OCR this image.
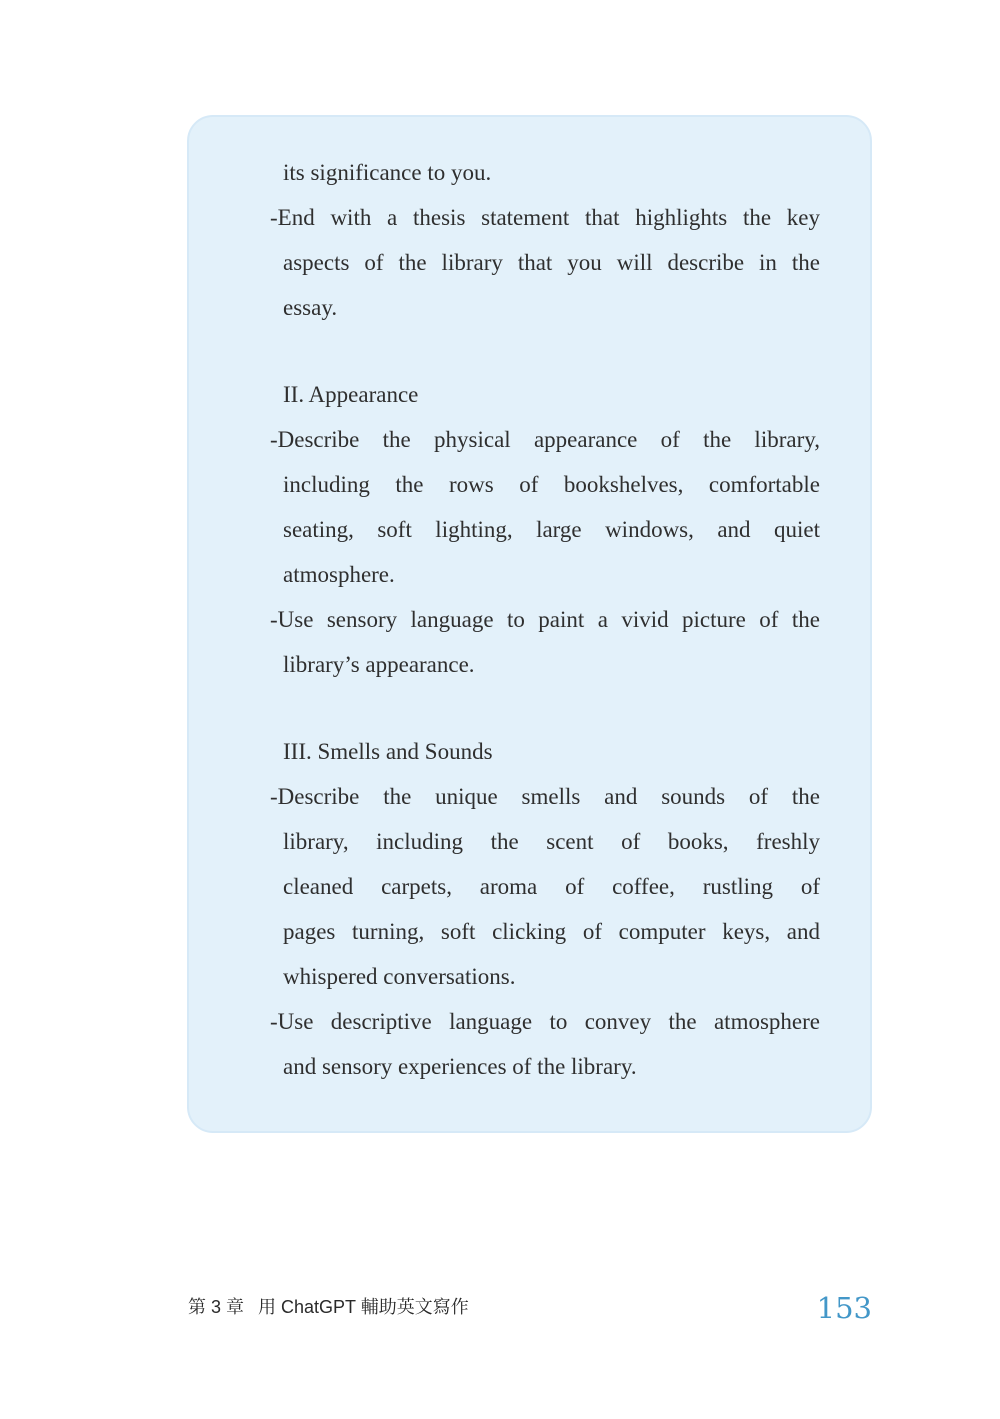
its significance to you.
-End with a thesis statement that highlights the key
aspects of the library that you will describe in the
essay.
II. Appearance
-Describe the physical appearance of the library,
including the rows of bookshelves, comfortable
seating, soft lighting, large windows, and quiet
atmosphere.
-Use sensory language to paint a vivid picture of the
library’s appearance.
III. Smells and Sounds
-Describe the unique smells and sounds of the
library, including the scent of books, freshly
cleaned carpets, aroma of coffee, rustling of
pages turning, soft clicking of computer keys, and
whispered conversations.
-Use descriptive language to convey the atmosphere
and sensory experiences of the library.
第 3 章 用 ChatGPT 輔助英文寫作	153
